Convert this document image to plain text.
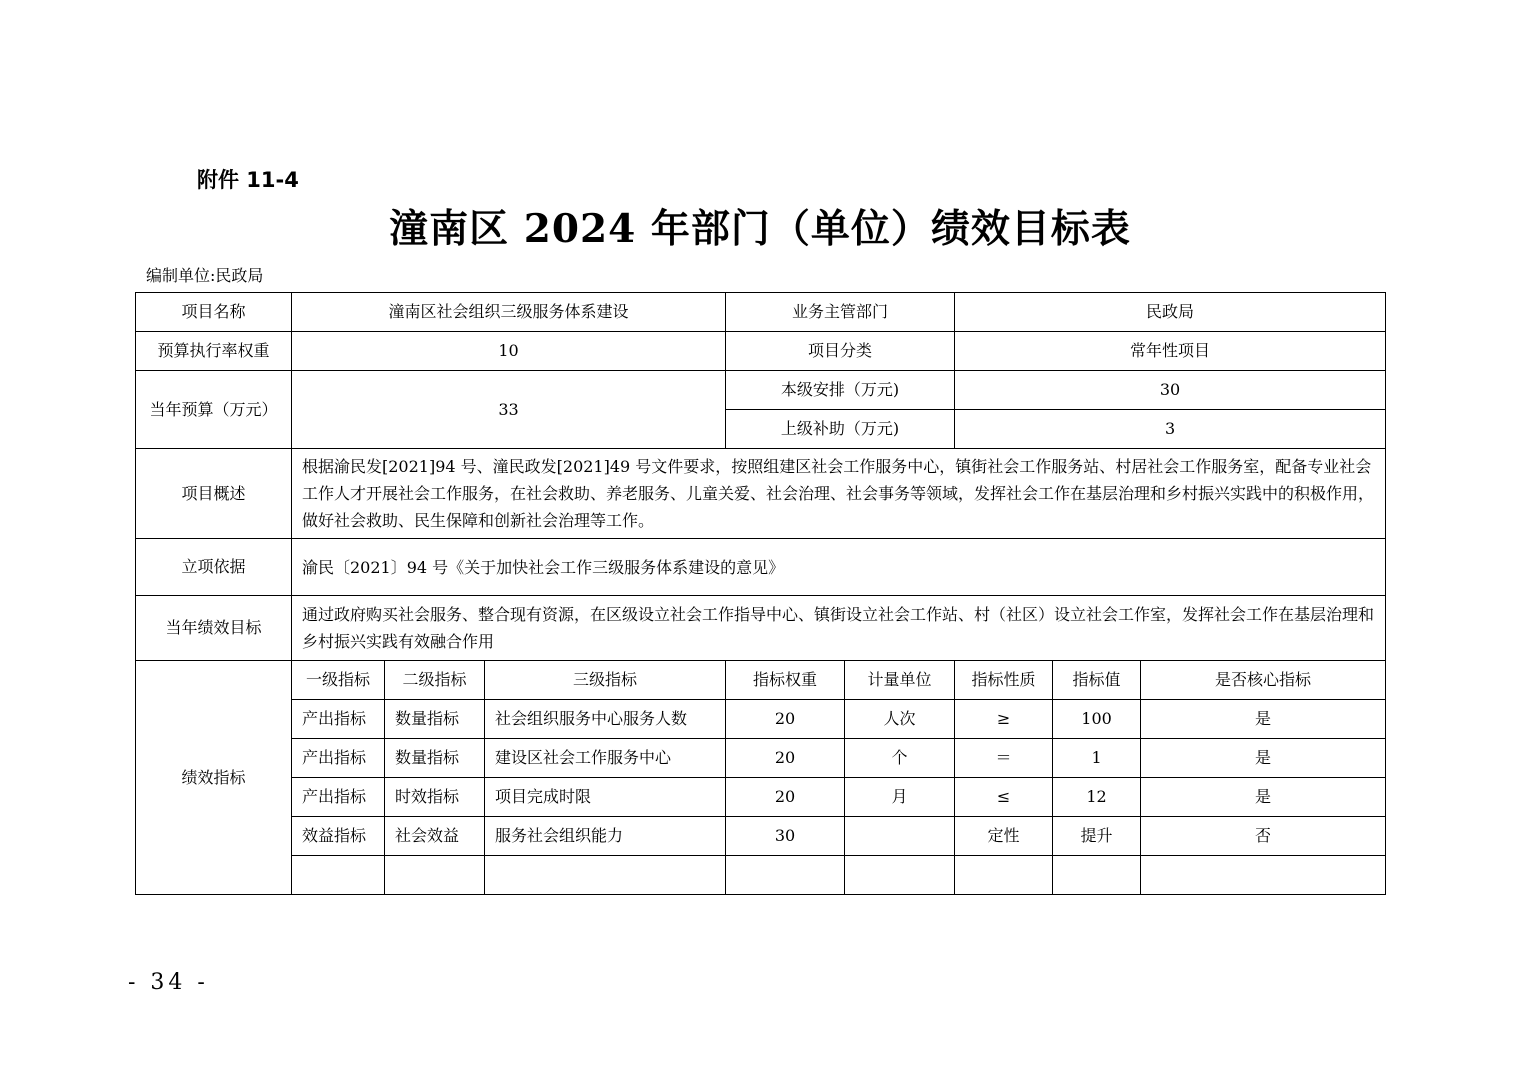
附件 11-4
潼南区 2024 年部门（单位）绩效目标表
编制单位:民政局
项目名称	潼南区社会组织三级服务体系建设			业务主管部门		民政局		
预算执行率权重	10			项目分类		常年性项目		
当年预算（万元）	33			本级安排（万元)		30		
				上级补助（万元)		3		
项目概述	根据渝民发[2021]94 号、潼民政发[2021]49 号文件要求，按照组建区社会工作服务中心，镇街社会工作服务站、村居社会工作服务室，配备专业社会工作人才开展社会工作服务，在社会救助、养老服务、儿童关爱、社会治理、社会事务等领域，发挥社会工作在基层治理和乡村振兴实践中的积极作用，做好社会救助、民生保障和创新社会治理等工作。							
立项依据	渝民〔2021〕94 号《关于加快社会工作三级服务体系建设的意见》							
当年绩效目标	通过政府购买社会服务、整合现有资源，在区级设立社会工作指导中心、镇街设立社会工作站、村（社区）设立社会工作室，发挥社会工作在基层治理和乡村振兴实践有效融合作用							
绩效指标	一级指标	二级指标	三级指标	指标权重	计量单位	指标性质	指标值	是否核心指标
	产出指标	数量指标	社会组织服务中心服务人数	20	人次	≥	100	是
	产出指标	数量指标	建设区社会工作服务中心	20	个	＝	1	是
	产出指标	时效指标	项目完成时限	20	月	≤	12	是
	效益指标	社会效益	服务社会组织能力	30		定性	提升	否

- 34 -
